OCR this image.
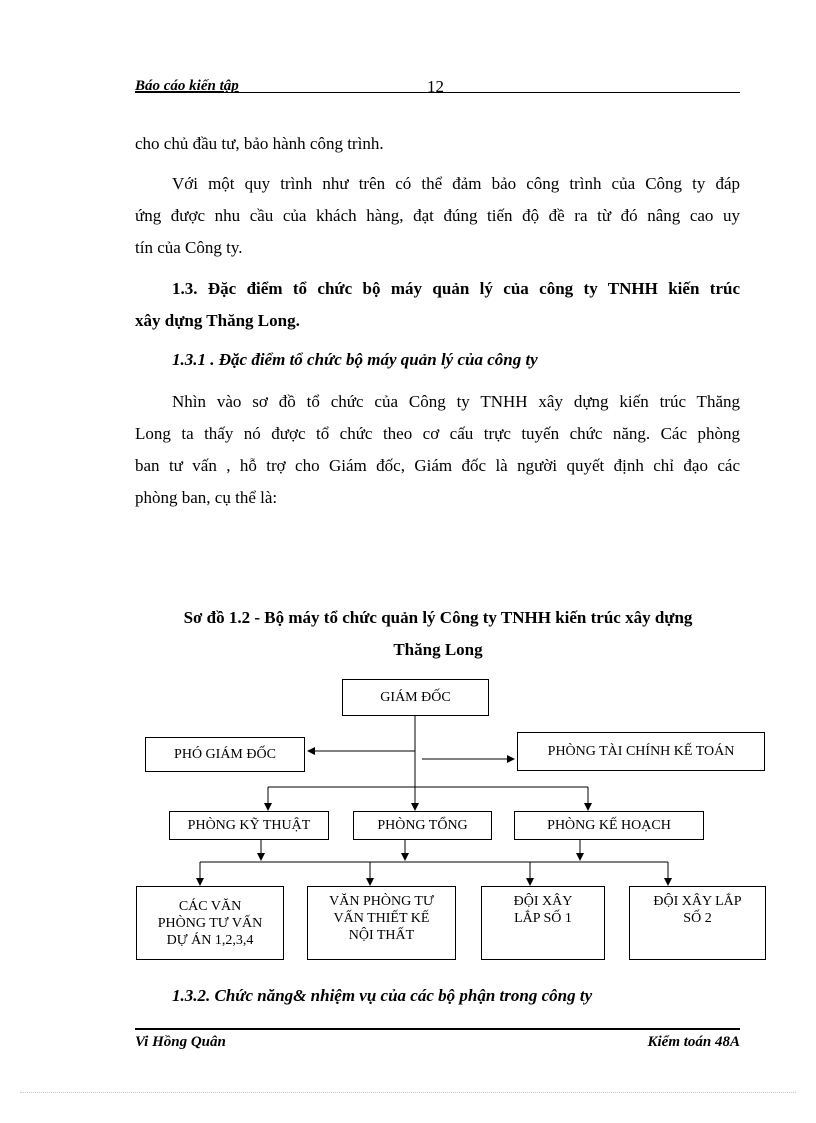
Báo cáo kiến tập	12
cho chủ đầu tư, bảo hành công trình.
Với một quy trình như trên có thể đảm bảo công trình của Công ty đáp
ứng được nhu cầu của khách hàng, đạt đúng tiến độ đề ra từ đó nâng cao uy
tín của Công ty.
1.3. Đặc điểm tổ chức bộ máy quản lý của công ty TNHH kiến trúc
xây dựng Thăng Long.
1.3.1 . Đặc điểm tổ chức bộ máy quản lý của công ty
Nhìn vào sơ đồ tổ chức của Công ty TNHH xây dựng kiến trúc Thăng
Long ta thấy nó được tổ chức theo cơ cấu trực tuyến chức năng. Các phòng
ban tư vấn , hỗ trợ cho Giám đốc, Giám đốc là người quyết định chỉ đạo các
phòng ban, cụ thể là:
Sơ đồ 1.2 - Bộ máy tổ chức quản lý Công ty TNHH kiến trúc xây dựng
Thăng Long
GIÁM ĐỐC
PHÓ GIÁM ĐỐC	PHÒNG TÀI CHÍNH KẾ TOÁN
PHÒNG KỸ THUẬT	PHÒNG TỔNG	PHÒNG KẾ HOẠCH
CÁC VĂN
PHÒNG TƯ VẤN
DỰ ÁN 1,2,3,4
VĂN PHÒNG TƯ
VẤN THIẾT KẾ
NỘI THẤT
ĐỘI XÂY
LẮP SỐ 1
ĐỘI XÂY LẮP
SỐ 2
1.3.2. Chức năng& nhiệm vụ của các bộ phận trong công ty
Vi Hồng Quân	Kiểm toán 48A
